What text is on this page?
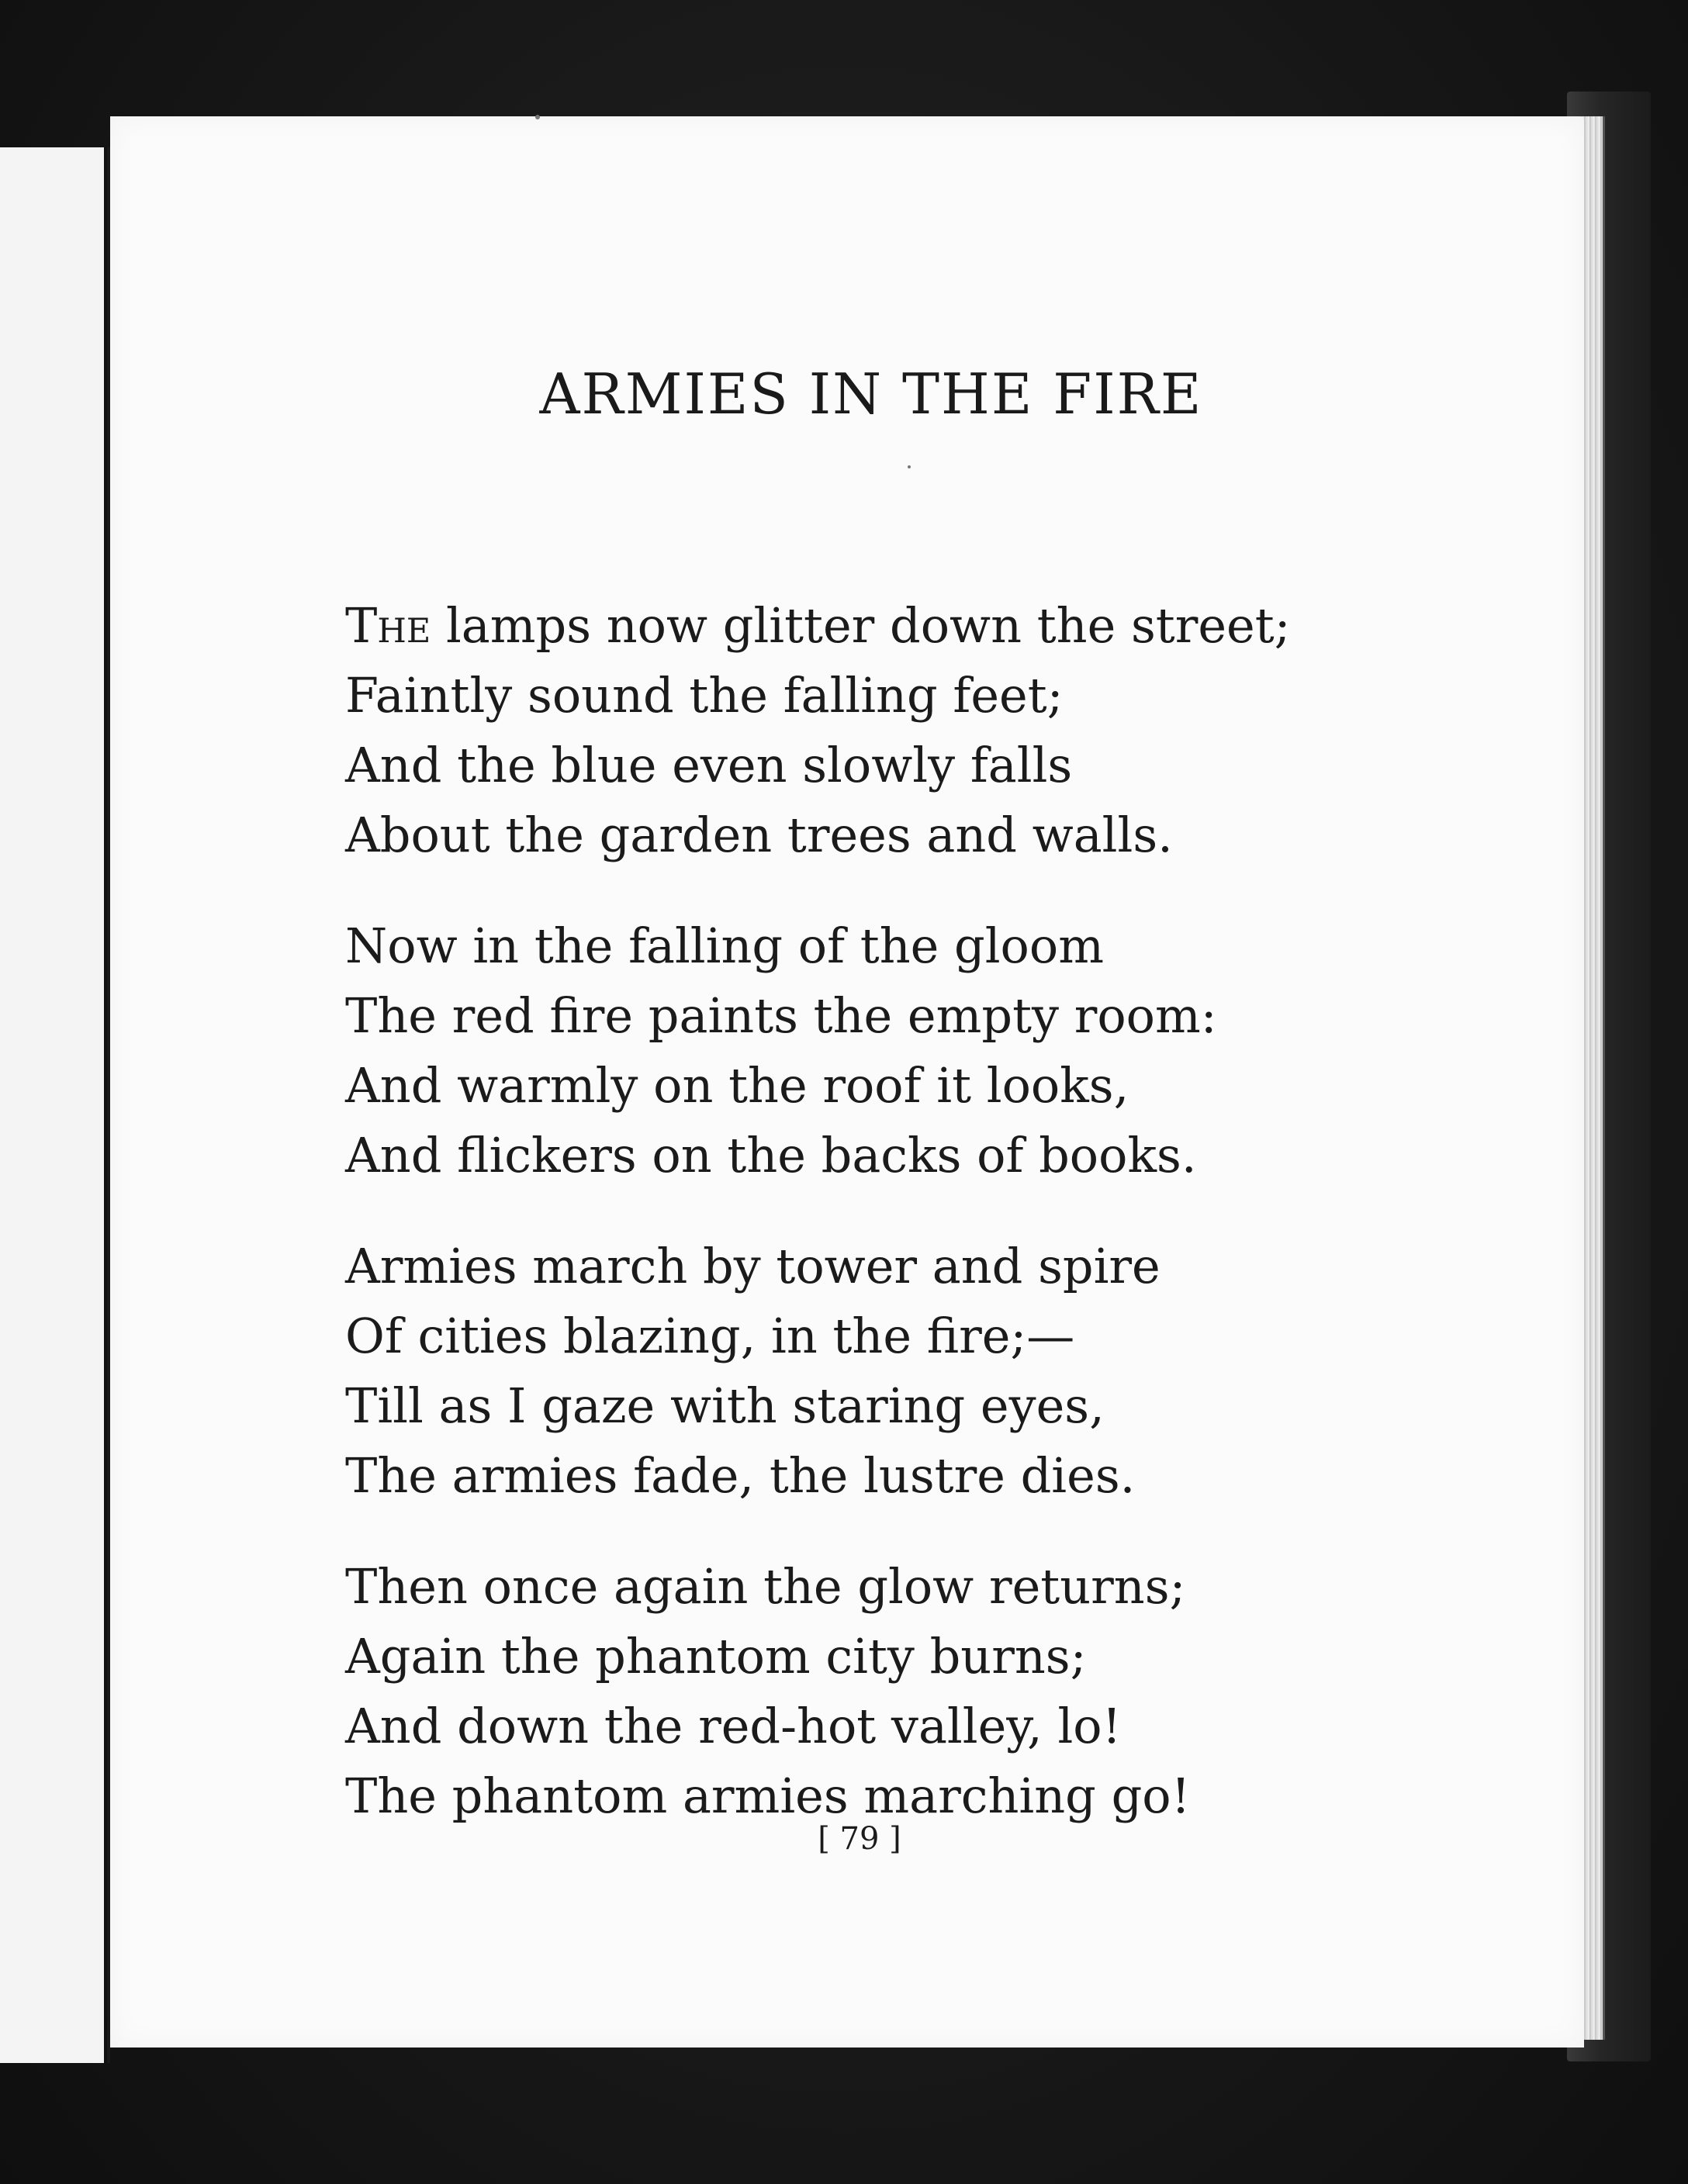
ARMIES IN THE FIRE
The lamps now glitter down the street;
Faintly sound the falling feet;
And the blue even slowly falls
About the garden trees and walls.
Now in the falling of the gloom
The red fire paints the empty room:
And warmly on the roof it looks,
And flickers on the backs of books.
Armies march by tower and spire
Of cities blazing, in the fire;—
Till as I gaze with staring eyes,
The armies fade, the lustre dies.
Then once again the glow returns;
Again the phantom city burns;
And down the red-hot valley, lo!
The phantom armies marching go!
[ 79 ]
